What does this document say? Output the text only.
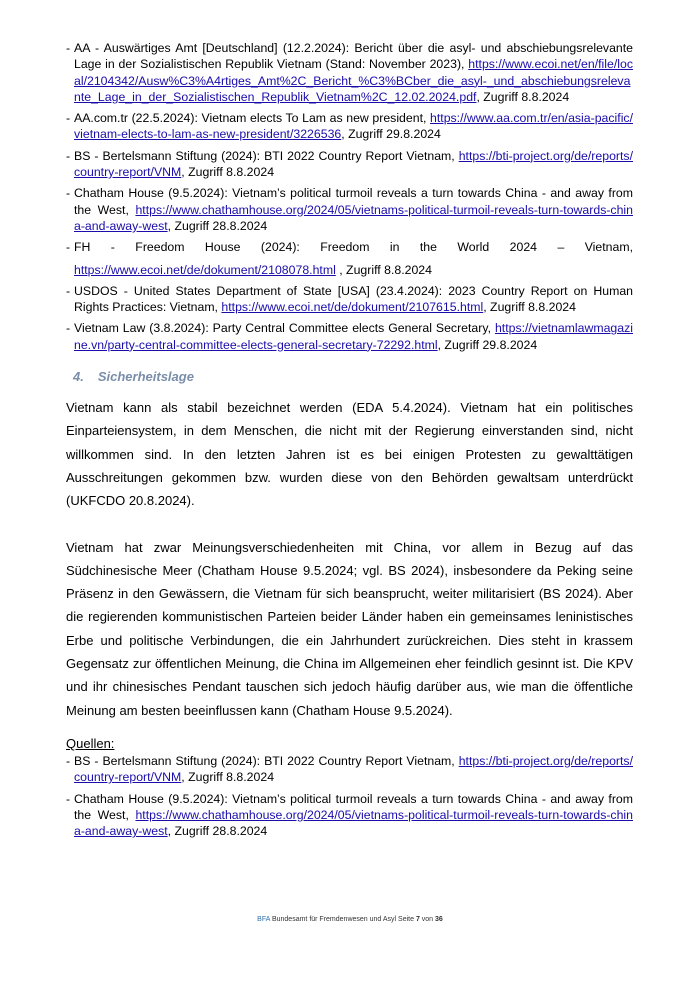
- AA - Auswärtiges Amt [Deutschland] (12.2.2024): Bericht über die asyl- und abschiebungsrelevante Lage in der Sozialistischen Republik Vietnam (Stand: November 2023), https://www.ecoi.net/en/file/local/2104342/Ausw%C3%A4rtiges_Amt%2C_Bericht_%C3%BCber_die_asyl-_und_abschiebungsrelevante_Lage_in_der_Sozialistischen_Republik_Vietnam%2C_12.02.2024.pdf, Zugriff 8.8.2024
- AA.com.tr (22.5.2024): Vietnam elects To Lam as new president, https://www.aa.com.tr/en/asia-pacific/vietnam-elects-to-lam-as-new-president/3226536, Zugriff 29.8.2024
- BS - Bertelsmann Stiftung (2024): BTI 2022 Country Report Vietnam, https://bti-project.org/de/reports/country-report/VNM, Zugriff 8.8.2024
- Chatham House (9.5.2024): Vietnam’s political turmoil reveals a turn towards China - and away from the West, https://www.chathamhouse.org/2024/05/vietnams-political-turmoil-reveals-turn-towards-china-and-away-west, Zugriff 28.8.2024
- FH - Freedom House (2024): Freedom in the World 2024 – Vietnam,https://www.ecoi.net/de/dokument/2108078.html , Zugriff 8.8.2024
- USDOS - United States Department of State [USA] (23.4.2024): 2023 Country Report on Human Rights Practices: Vietnam, https://www.ecoi.net/de/dokument/2107615.html, Zugriff 8.8.2024
- Vietnam Law (3.8.2024): Party Central Committee elects General Secretary, https://vietnamlawmagazine.vn/party-central-committee-elects-general-secretary-72292.html, Zugriff 29.8.2024
4. Sicherheitslage

Vietnam kann als stabil bezeichnet werden (EDA 5.4.2024). Vietnam hat ein politisches Einparteiensystem, in dem Menschen, die nicht mit der Regierung einverstanden sind, nicht willkommen sind. In den letzten Jahren ist es bei einigen Protesten zu gewalttätigen Ausschreitungen gekommen bzw. wurden diese von den Behörden gewaltsam unterdrückt (UKFCDO 20.8.2024).

Vietnam hat zwar Meinungsverschiedenheiten mit China, vor allem in Bezug auf das Südchinesische Meer (Chatham House 9.5.2024; vgl. BS 2024), insbesondere da Peking seine Präsenz in den Gewässern, die Vietnam für sich beansprucht, weiter militarisiert (BS 2024). Aber die regierenden kommunistischen Parteien beider Länder haben ein gemeinsames leninistisches Erbe und politische Verbindungen, die ein Jahrhundert zurückreichen. Dies steht in krassem Gegensatz zur öffentlichen Meinung, die China im Allgemeinen eher feindlich gesinnt ist. Die KPV und ihr chinesisches Pendant tauschen sich jedoch häufig darüber aus, wie man die öffentliche Meinung am besten beeinflussen kann (Chatham House 9.5.2024).

Quellen:
- BS - Bertelsmann Stiftung (2024): BTI 2022 Country Report Vietnam, https://bti-project.org/de/reports/country-report/VNM, Zugriff 8.8.2024
- Chatham House (9.5.2024): Vietnam’s political turmoil reveals a turn towards China - and away from the West, https://www.chathamhouse.org/2024/05/vietnams-political-turmoil-reveals-turn-towards-china-and-away-west, Zugriff 28.8.2024
BFA Bundesamt für Fremdenwesen und Asyl Seite 7 von 36
